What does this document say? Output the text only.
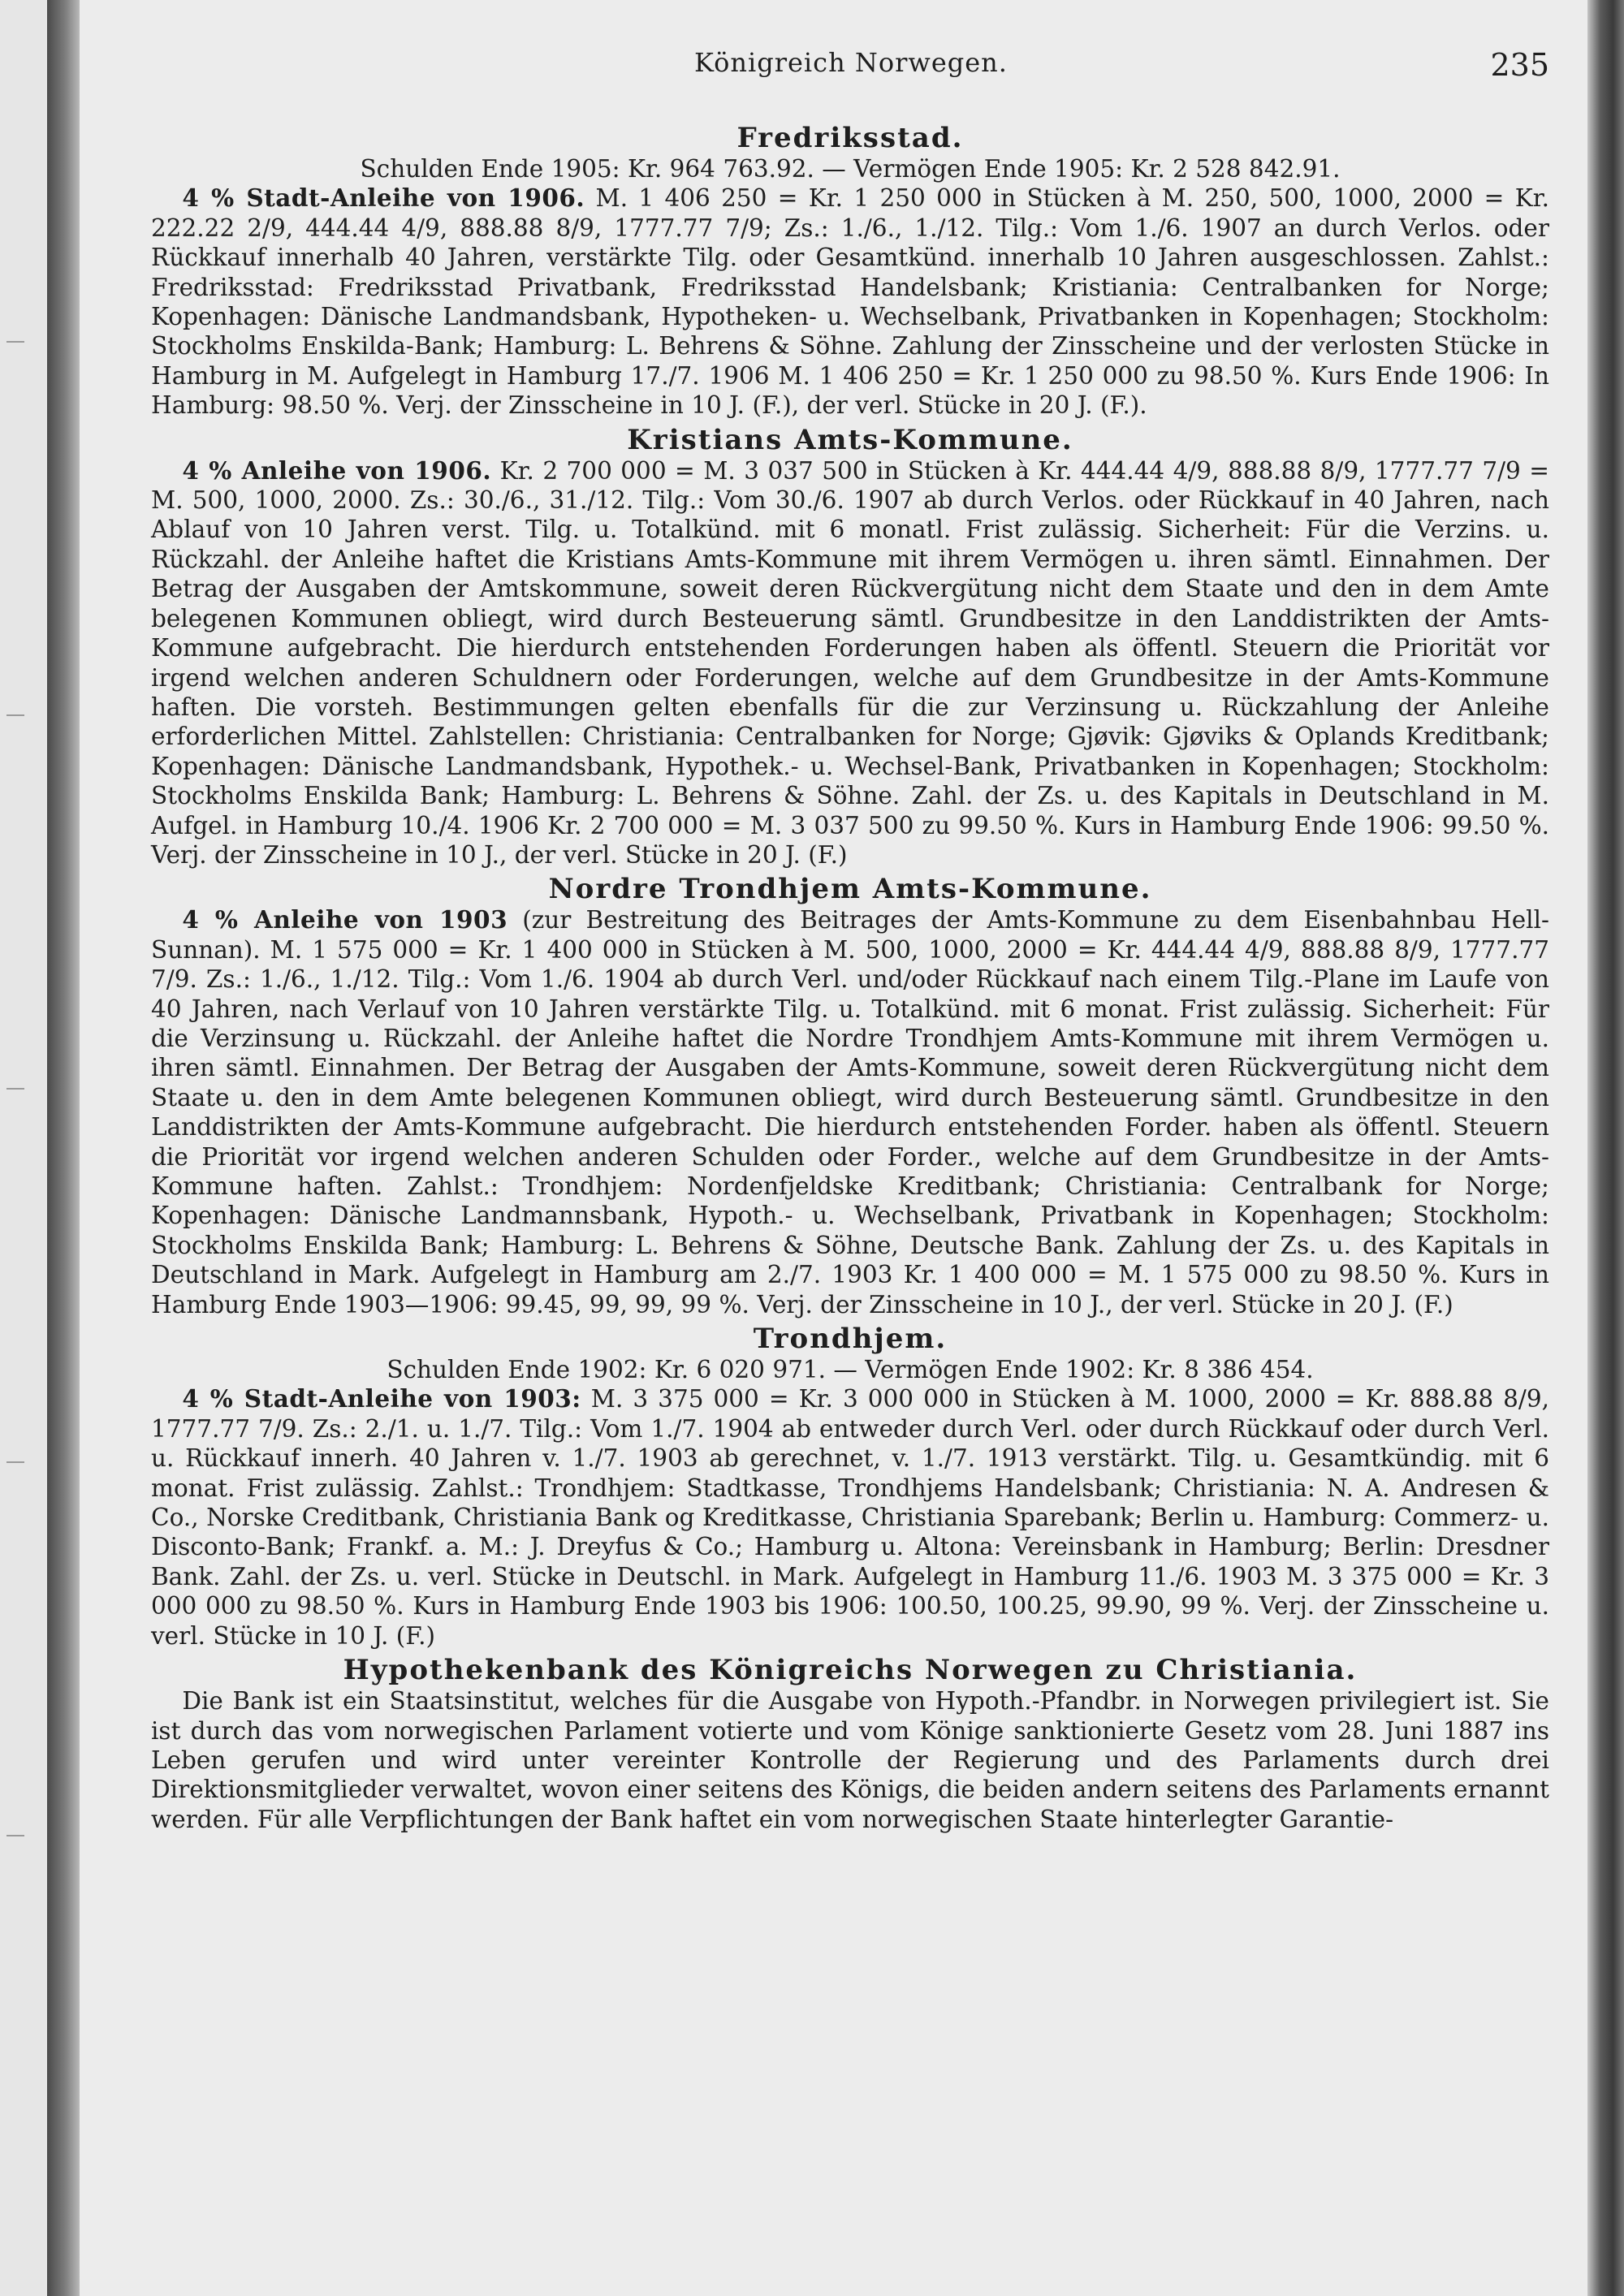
Königreich Norwegen.	235
Fredriksstad.

Schulden Ende 1905: Kr. 964 763.92. — Vermögen Ende 1905: Kr. 2 528 842.91.

4 % Stadt-Anleihe von 1906. M. 1 406 250 = Kr. 1 250 000 in Stücken à M. 250, 500, 1000, 2000 = Kr. 222.22 2/9, 444.44 4/9, 888.88 8/9, 1777.77 7/9; Zs.: 1./6., 1./12. Tilg.: Vom 1./6. 1907 an durch Verlos. oder Rückkauf innerhalb 40 Jahren, verstärkte Tilg. oder Gesamtkünd. innerhalb 10 Jahren ausgeschlossen. Zahlst.: Fredriksstad: Fredriksstad Privatbank, Fredriksstad Handelsbank; Kristiania: Centralbanken for Norge; Kopenhagen: Dänische Landmandsbank, Hypotheken- u. Wechselbank, Privatbanken in Kopenhagen; Stockholm: Stockholms Enskilda-Bank; Hamburg: L. Behrens & Söhne. Zahlung der Zinsscheine und der verlosten Stücke in Hamburg in M. Aufgelegt in Hamburg 17./7. 1906 M. 1 406 250 = Kr. 1 250 000 zu 98.50 %. Kurs Ende 1906: In Hamburg: 98.50 %. Verj. der Zinsscheine in 10 J. (F.), der verl. Stücke in 20 J. (F.).

Kristians Amts-Kommune.

4 % Anleihe von 1906. Kr. 2 700 000 = M. 3 037 500 in Stücken à Kr. 444.44 4/9, 888.88 8/9, 1777.77 7/9 = M. 500, 1000, 2000. Zs.: 30./6., 31./12. Tilg.: Vom 30./6. 1907 ab durch Verlos. oder Rückkauf in 40 Jahren, nach Ablauf von 10 Jahren verst. Tilg. u. Totalkünd. mit 6 monatl. Frist zulässig. Sicherheit: Für die Verzins. u. Rückzahl. der Anleihe haftet die Kristians Amts-Kommune mit ihrem Vermögen u. ihren sämtl. Einnahmen. Der Betrag der Ausgaben der Amtskommune, soweit deren Rückvergütung nicht dem Staate und den in dem Amte belegenen Kommunen obliegt, wird durch Besteuerung sämtl. Grundbesitze in den Landdistrikten der Amts-Kommune aufgebracht. Die hierdurch entstehenden Forderungen haben als öffentl. Steuern die Priorität vor irgend welchen anderen Schuldnern oder Forderungen, welche auf dem Grundbesitze in der Amts-Kommune haften. Die vorsteh. Bestimmungen gelten ebenfalls für die zur Verzinsung u. Rückzahlung der Anleihe erforderlichen Mittel. Zahlstellen: Christiania: Centralbanken for Norge; Gjøvik: Gjøviks & Oplands Kreditbank; Kopenhagen: Dänische Landmandsbank, Hypothek.- u. Wechsel-Bank, Privatbanken in Kopenhagen; Stockholm: Stockholms Enskilda Bank; Hamburg: L. Behrens & Söhne. Zahl. der Zs. u. des Kapitals in Deutschland in M. Aufgel. in Hamburg 10./4. 1906 Kr. 2 700 000 = M. 3 037 500 zu 99.50 %. Kurs in Hamburg Ende 1906: 99.50 %. Verj. der Zinsscheine in 10 J., der verl. Stücke in 20 J. (F.)

Nordre Trondhjem Amts-Kommune.

4 % Anleihe von 1903 (zur Bestreitung des Beitrages der Amts-Kommune zu dem Eisenbahnbau Hell-Sunnan). M. 1 575 000 = Kr. 1 400 000 in Stücken à M. 500, 1000, 2000 = Kr. 444.44 4/9, 888.88 8/9, 1777.77 7/9. Zs.: 1./6., 1./12. Tilg.: Vom 1./6. 1904 ab durch Verl. und/oder Rückkauf nach einem Tilg.-Plane im Laufe von 40 Jahren, nach Verlauf von 10 Jahren verstärkte Tilg. u. Totalkünd. mit 6 monat. Frist zulässig. Sicherheit: Für die Verzinsung u. Rückzahl. der Anleihe haftet die Nordre Trondhjem Amts-Kommune mit ihrem Vermögen u. ihren sämtl. Einnahmen. Der Betrag der Ausgaben der Amts-Kommune, soweit deren Rückvergütung nicht dem Staate u. den in dem Amte belegenen Kommunen obliegt, wird durch Besteuerung sämtl. Grundbesitze in den Landdistrikten der Amts-Kommune aufgebracht. Die hierdurch entstehenden Forder. haben als öffentl. Steuern die Priorität vor irgend welchen anderen Schulden oder Forder., welche auf dem Grundbesitze in der Amts-Kommune haften. Zahlst.: Trondhjem: Nordenfjeldske Kreditbank; Christiania: Centralbank for Norge; Kopenhagen: Dänische Landmannsbank, Hypoth.- u. Wechselbank, Privatbank in Kopenhagen; Stockholm: Stockholms Enskilda Bank; Hamburg: L. Behrens & Söhne, Deutsche Bank. Zahlung der Zs. u. des Kapitals in Deutschland in Mark. Aufgelegt in Hamburg am 2./7. 1903 Kr. 1 400 000 = M. 1 575 000 zu 98.50 %. Kurs in Hamburg Ende 1903—1906: 99.45, 99, 99, 99 %. Verj. der Zinsscheine in 10 J., der verl. Stücke in 20 J. (F.)

Trondhjem.

Schulden Ende 1902: Kr. 6 020 971. — Vermögen Ende 1902: Kr. 8 386 454.

4 % Stadt-Anleihe von 1903: M. 3 375 000 = Kr. 3 000 000 in Stücken à M. 1000, 2000 = Kr. 888.88 8/9, 1777.77 7/9. Zs.: 2./1. u. 1./7. Tilg.: Vom 1./7. 1904 ab entweder durch Verl. oder durch Rückkauf oder durch Verl. u. Rückkauf innerh. 40 Jahren v. 1./7. 1903 ab gerechnet, v. 1./7. 1913 verstärkt. Tilg. u. Gesamtkündig. mit 6 monat. Frist zulässig. Zahlst.: Trondhjem: Stadtkasse, Trondhjems Handelsbank; Christiania: N. A. Andresen & Co., Norske Creditbank, Christiania Bank og Kreditkasse, Christiania Sparebank; Berlin u. Hamburg: Commerz- u. Disconto-Bank; Frankf. a. M.: J. Dreyfus & Co.; Hamburg u. Altona: Vereinsbank in Hamburg; Berlin: Dresdner Bank. Zahl. der Zs. u. verl. Stücke in Deutschl. in Mark. Aufgelegt in Hamburg 11./6. 1903 M. 3 375 000 = Kr. 3 000 000 zu 98.50 %. Kurs in Hamburg Ende 1903 bis 1906: 100.50, 100.25, 99.90, 99 %. Verj. der Zinsscheine u. verl. Stücke in 10 J. (F.)

Hypothekenbank des Königreichs Norwegen zu Christiania.

Die Bank ist ein Staatsinstitut, welches für die Ausgabe von Hypoth.-Pfandbr. in Norwegen privilegiert ist. Sie ist durch das vom norwegischen Parlament votierte und vom Könige sanktionierte Gesetz vom 28. Juni 1887 ins Leben gerufen und wird unter vereinter Kontrolle der Regierung und des Parlaments durch drei Direktionsmitglieder verwaltet, wovon einer seitens des Königs, die beiden andern seitens des Parlaments ernannt werden. Für alle Verpflichtungen der Bank haftet ein vom norwegischen Staate hinterlegter Garantie-
